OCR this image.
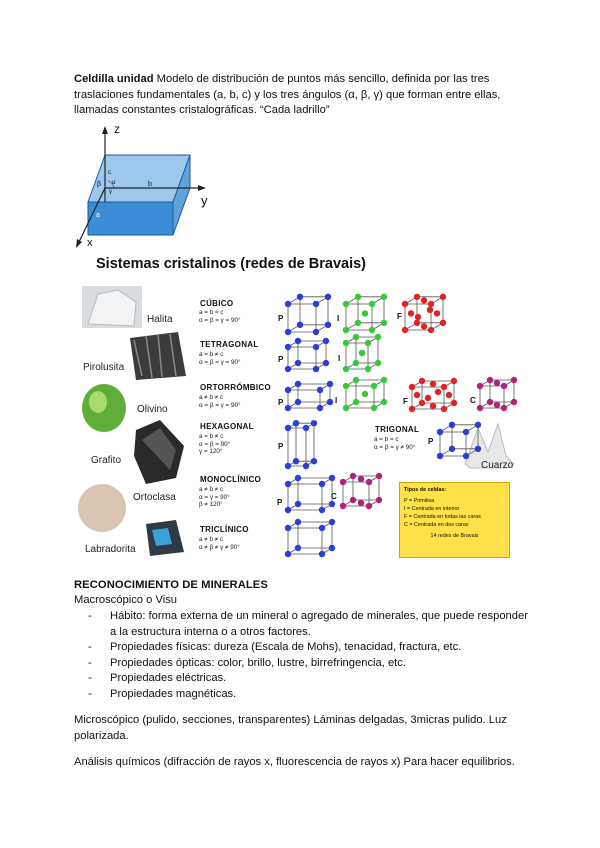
Celdilla unidad Modelo de distribución de puntos más sencillo, definida por las tres traslaciones fundamentales (a, b, c) y los tres ángulos (α, β, γ) que forman entre ellas, llamadas constantes cristalográficas. “Cada ladrillo”
z
y
x
b
a
c
β α
γ
Sistemas cristalinos (redes de Bravais)
Halita
Pirolusita
Olivino
Grafito
Ortoclasa
Labradorita
Cuarzo
CÚBICO
a = b = c
α = β = γ = 90°
TETRAGONAL
a = b ≠ c
α = β = γ = 90°
ORTORRÓMBICO
a ≠ b ≠ c
α = β = γ = 90°
HEXAGONAL
a = b ≠ c
α = β = 90°
γ = 120°
MONOCLÍNICO
a ≠ b ≠ c
α = γ = 90°
β ≠ 120°
TRICLÍNICO
a ≠ b ≠ c
α ≠ β ≠ γ ≠ 90°
TRIGONAL
a = b = c
α = β = γ ≠ 90°
P	I	F
P	I
P	I	F	C
P
P
P
C
Tipos de celdas:
P = Primitiva
I = Centrada en interior
F = Centrada en todas las caras
C = Centrada en dos caras
14 redes de Bravais
RECONOCIMIENTO DE MINERALES
Macroscópico o Visu
- Hábito: forma externa de un mineral o agregado de minerales, que puede responder a la estructura interna o a otros factores.
- Propiedades físicas: dureza (Escala de Mohs), tenacidad, fractura, etc.
- Propiedades ópticas: color, brillo, lustre, birrefringencia, etc.
- Propiedades eléctricas.
- Propiedades magnéticas.
Microscópico (pulido, secciones, transparentes) Láminas delgadas, 3micras pulido. Luz polarizada.
Análisis químicos (difracción de rayos x, fluorescencia de rayos x) Para hacer equilibrios.
